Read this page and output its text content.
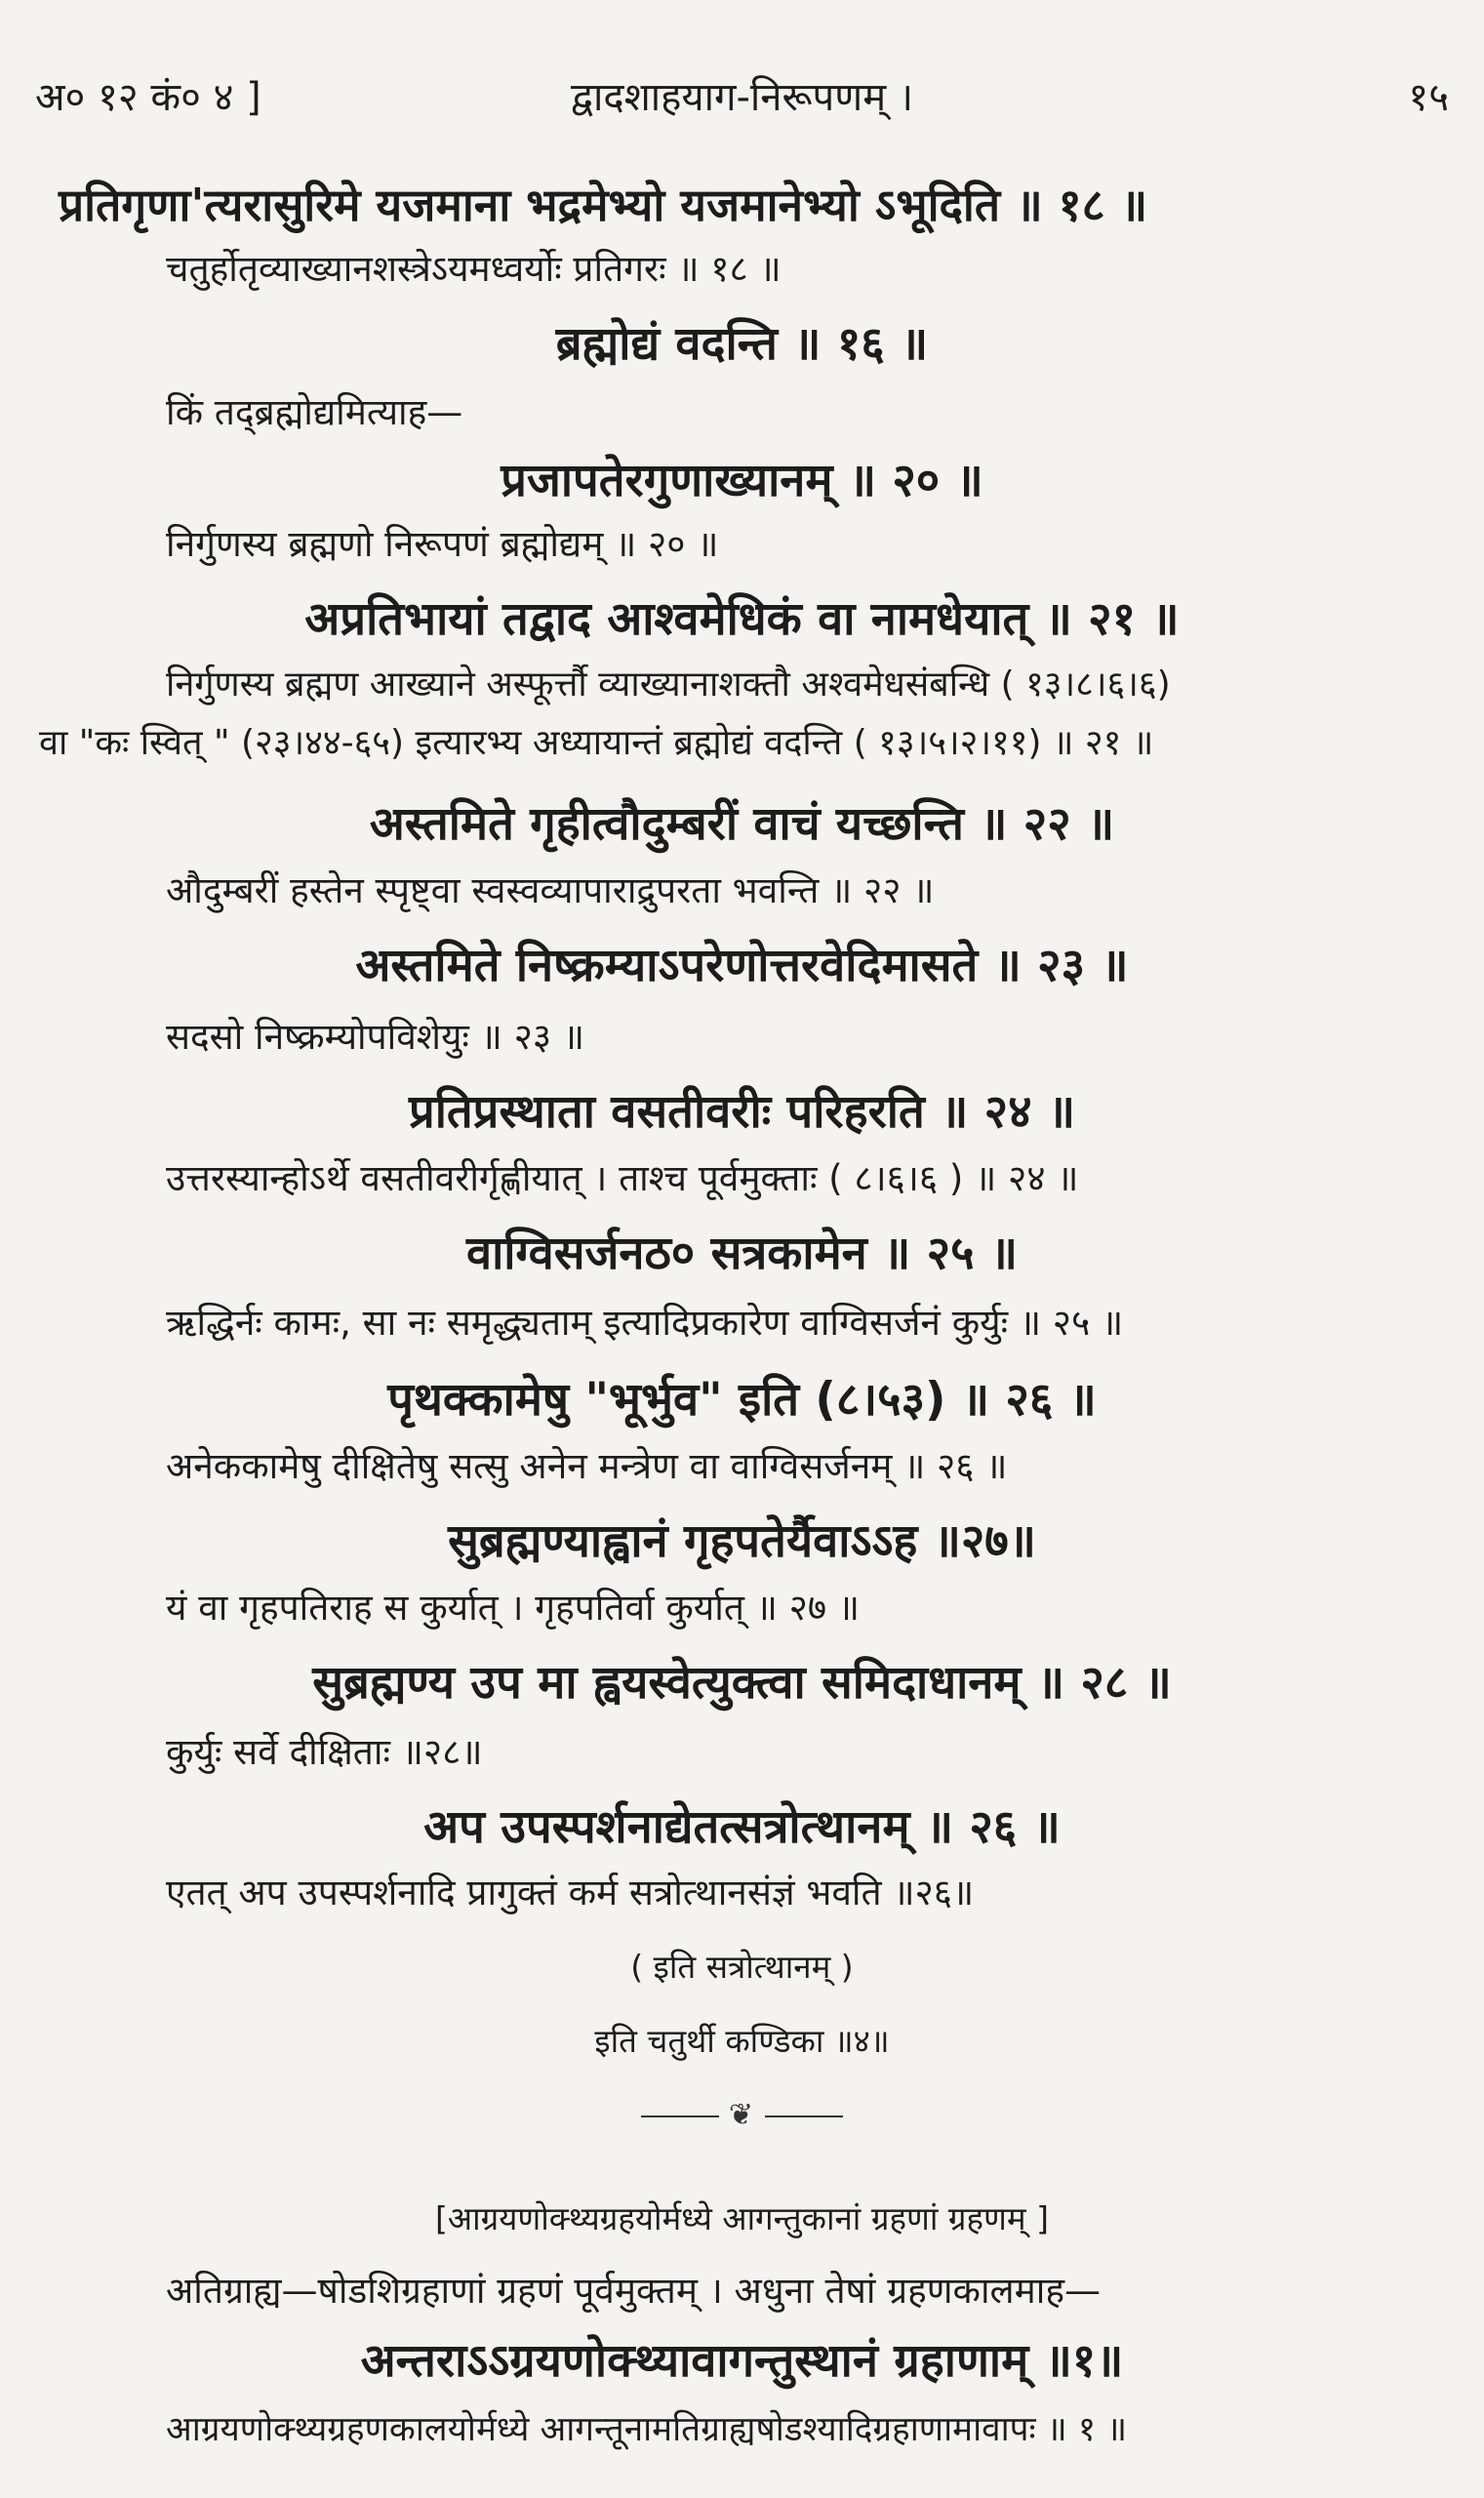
अ० १२ कं० ४ ]	द्वादशाहयाग-निरूपणम् ।	१५
प्रतिगृणा'त्यरासुरिमे यजमाना भद्रमेभ्यो यजमानेभ्यो ऽभूदिति ॥ १८ ॥
चतुर्होतृव्याख्यानशस्त्रेऽयमध्वर्योः प्रतिगरः ॥ १८ ॥
ब्रह्मोद्यं वदन्ति ॥ १६ ॥
किं तद्ब्रह्मोद्यमित्याह—
प्रजापतेरगुणाख्यानम् ॥ २० ॥
निर्गुणस्य ब्रह्मणो निरूपणं ब्रह्मोद्यम् ॥ २० ॥
अप्रतिभायां तद्वाद आश्वमेधिकं वा नामधेयात् ॥ २१ ॥
निर्गुणस्य ब्रह्मण आख्याने अस्फूर्त्तौ व्याख्यानाशक्तौ अश्वमेधसंबन्धि ( १३।८।६।६)
वा "कः स्वित् " (२३।४४-६५) इत्यारभ्य अध्यायान्तं ब्रह्मोद्यं वदन्ति ( १३।५।२।११) ॥ २१ ॥
अस्तमिते गृहीत्वौदुम्बरीं वाचं यच्छन्ति ॥ २२ ॥
औदुम्बरीं हस्तेन स्पृष्ट्वा स्वस्वव्यापाराद्रुपरता भवन्ति ॥ २२ ॥
अस्तमिते निष्क्रम्याऽपरेणोत्तरवेदिमासते ॥ २३ ॥
सदसो निष्क्रम्योपविशेयुः ॥ २३ ॥
प्रतिप्रस्थाता वसतीवरीः परिहरति ॥ २४ ॥
उत्तरस्यान्होऽर्थे वसतीवरीर्गृह्णीयात् । ताश्च पूर्वमुक्ताः ( ८।६।६ ) ॥ २४ ॥
वाग्विसर्जनठ० सत्रकामेन ॥ २५ ॥
ऋद्धिर्नः कामः, सा नः समृद्ध्यताम् इत्यादिप्रकारेण वाग्विसर्जनं कुर्युः ॥ २५ ॥
पृथक्कामेषु "भूर्भुव" इति (८।५३) ॥ २६ ॥
अनेककामेषु दीक्षितेषु सत्सु अनेन मन्त्रेण वा वाग्विसर्जनम् ॥ २६ ॥
सुब्रह्मण्याह्वानं गृहपतेर्यैवाऽऽह ॥२७॥
यं वा गृहपतिराह स कुर्यात् । गृहपतिर्वा कुर्यात् ॥ २७ ॥
सुब्रह्मण्य उप मा ह्वयस्वेत्युक्त्वा समिदाधानम् ॥ २८ ॥
कुर्युः सर्वे दीक्षिताः ॥२८॥
अप उपस्पर्शनाद्येतत्सत्रोत्थानम् ॥ २६ ॥
एतत् अप उपस्पर्शनादि प्रागुक्तं कर्म सत्रोत्थानसंज्ञं भवति ॥२६॥
( इति सत्रोत्थानम् )
इति चतुर्थी कण्डिका ॥४॥
❦
[आग्रयणोक्थ्यग्रहयोर्मध्ये आगन्तुकानां ग्रहणां ग्रहणम् ]
अतिग्राह्य—षोडशिग्रहाणां ग्रहणं पूर्वमुक्तम् । अधुना तेषां ग्रहणकालमाह—
अन्तराऽऽग्रयणोक्थ्यावागन्तुस्थानं ग्रहाणाम् ॥१॥
आग्रयणोक्थ्यग्रहणकालयोर्मध्ये आगन्तूनामतिग्राह्यषोडश्यादिग्रहाणामावापः ॥ १ ॥
